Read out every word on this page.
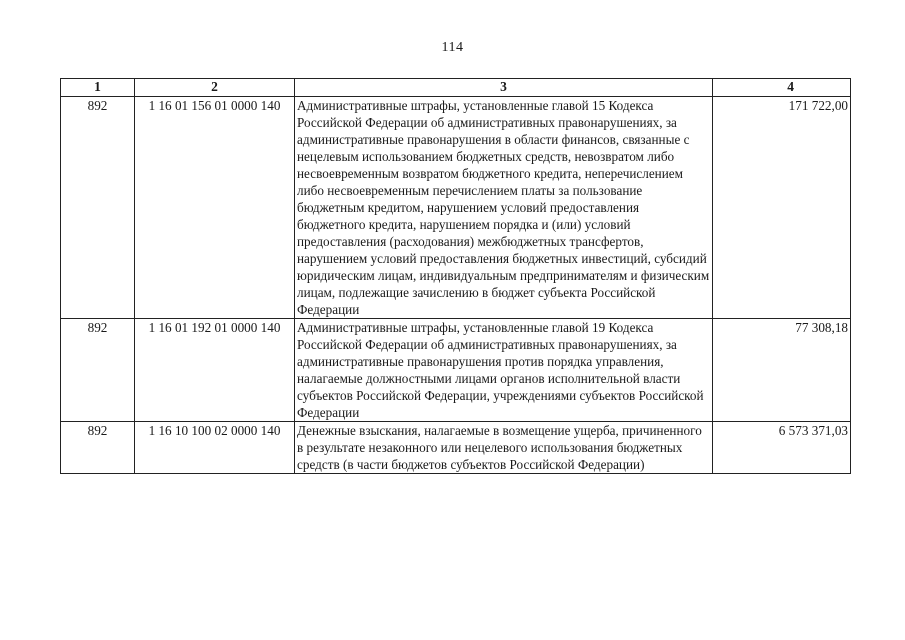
114
1	2	3	4
892	1 16 01 156 01 0000 140	Административные штрафы, установленные главой 15 Кодекса Российской Федерации об административных правонарушениях, за административные правонарушения в области финансов, связанные с нецелевым использованием бюджетных средств, невозвратом либо несвоевременным возвратом бюджетного кредита, неперечислением либо несвоевременным перечислением платы за пользование бюджетным кредитом, нарушением условий предоставления бюджетного кредита, нарушением порядка и (или) условий предоставления (расходования) межбюджетных трансфертов, нарушением условий предоставления бюджетных инвестиций, субсидий юридическим лицам, индивидуальным предпринимателям и физическим лицам, подлежащие зачислению в бюджет субъекта Российской Федерации	171 722,00
892	1 16 01 192 01 0000 140	Административные штрафы, установленные главой 19 Кодекса Российской Федерации об административных правонарушениях, за административные правонарушения против порядка управления, налагаемые должностными лицами органов исполнительной власти субъектов Российской Федерации, учреждениями субъектов Российской Федерации	77 308,18
892	1 16 10 100 02 0000 140	Денежные взыскания, налагаемые в возмещение ущерба, причиненного в результате незаконного или нецелевого использования бюджетных средств (в части бюджетов субъектов Российской Федерации)	6 573 371,03
